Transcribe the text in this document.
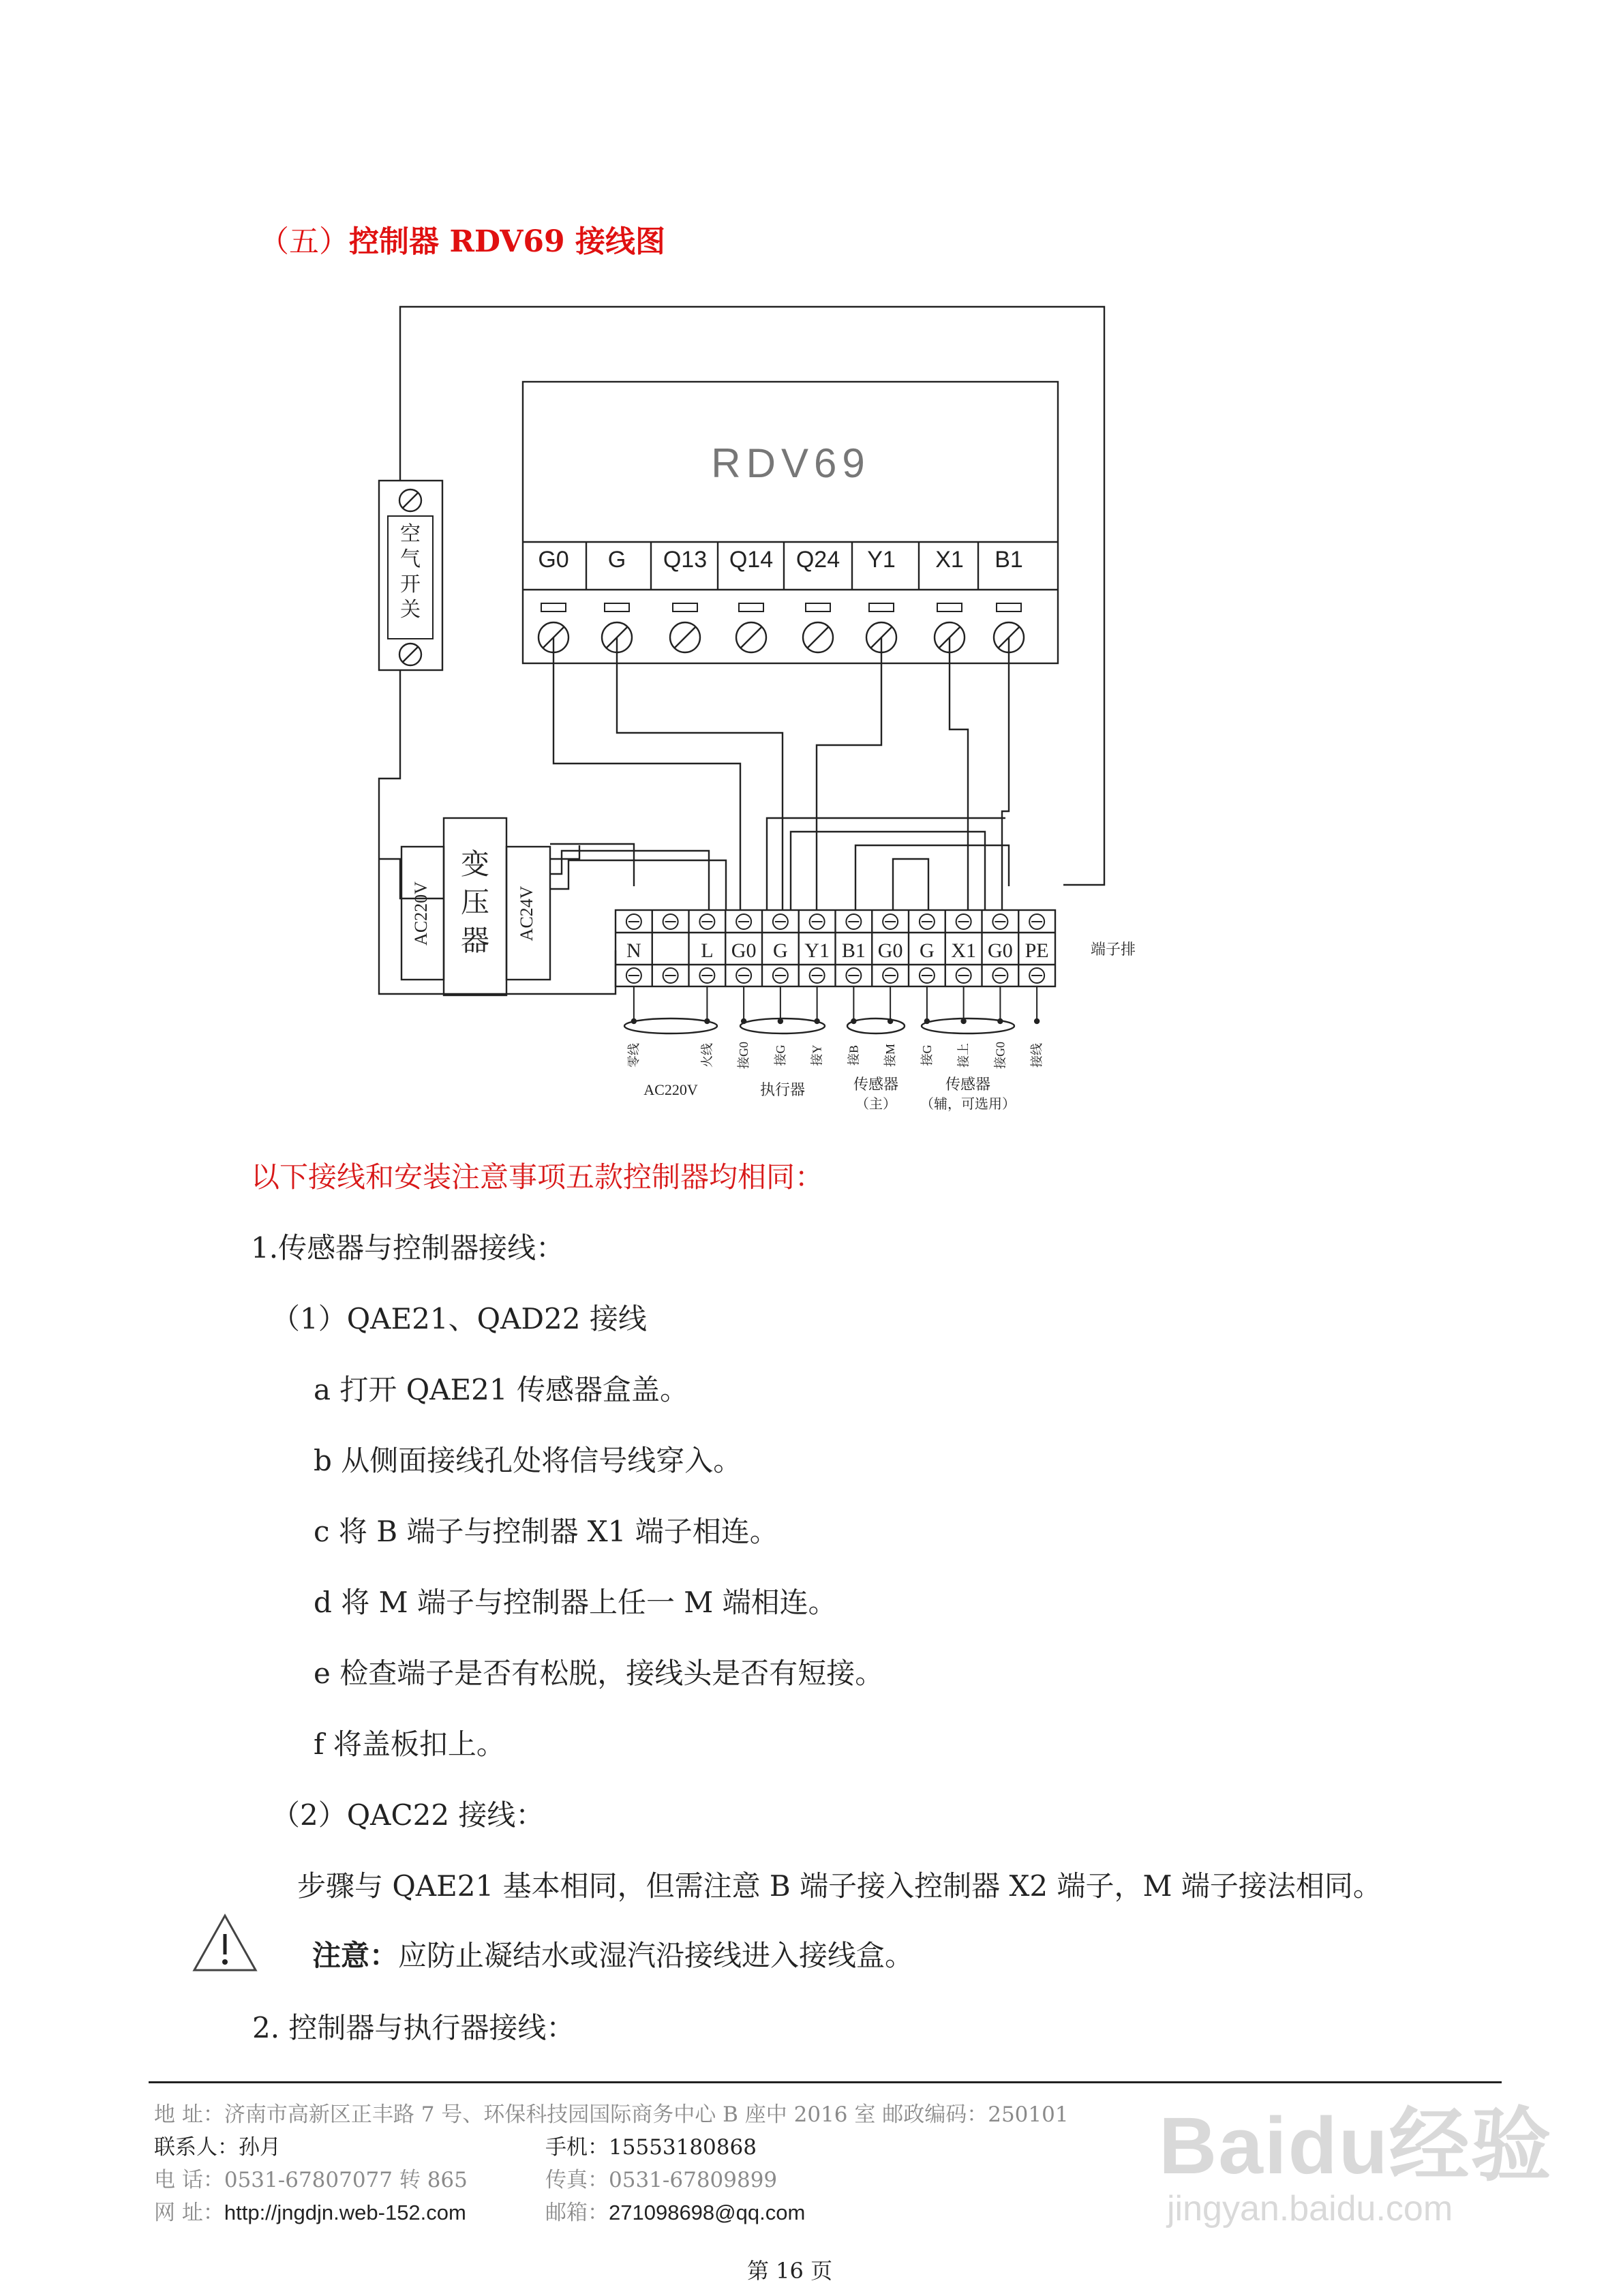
（五）控制器 RDV69 接线图
RDV69
G0 G Q13 Q14 Q24 Y1 X1 B1
空
气
开
关
变
压
器
AC220V	AC24V
N	L G0 G Y1 B1 G0 G X1 G0 PE	端子排
零线	火线 接G0 接G 接Y 接B 接M 接G 接上 接G0 接线
AC220V	执行器	传感器
（主）
传感器
（辅，可选用）
以下接线和安装注意事项五款控制器均相同：
1.传感器与控制器接线：
（1）QAE21、QAD22 接线
a 打开 QAE21 传感器盒盖。
b 从侧面接线孔处将信号线穿入。
c 将 B 端子与控制器 X1 端子相连。
d 将 M 端子与控制器上任一 M 端相连。
e 检查端子是否有松脱，接线头是否有短接。
f 将盖板扣上。
（2）QAC22 接线：
步骤与 QAE21 基本相同，但需注意 B 端子接入控制器 X2 端子，M 端子接法相同。
注意：应防止凝结水或湿汽沿接线进入接线盒。
2. 控制器与执行器接线：
地 址：济南市高新区正丰路 7 号、环保科技园国际商务中心 B 座中 2016 室 邮政编码：250101
联系人：孙月	手机：15553180868
电 话：0531-67807077 转 865	传真：0531-67809899
网 址：http://jngdjn.web-152.com	邮箱：271098698@qq.com
Baidu经验
jingyan.baidu.com
第 16 页
